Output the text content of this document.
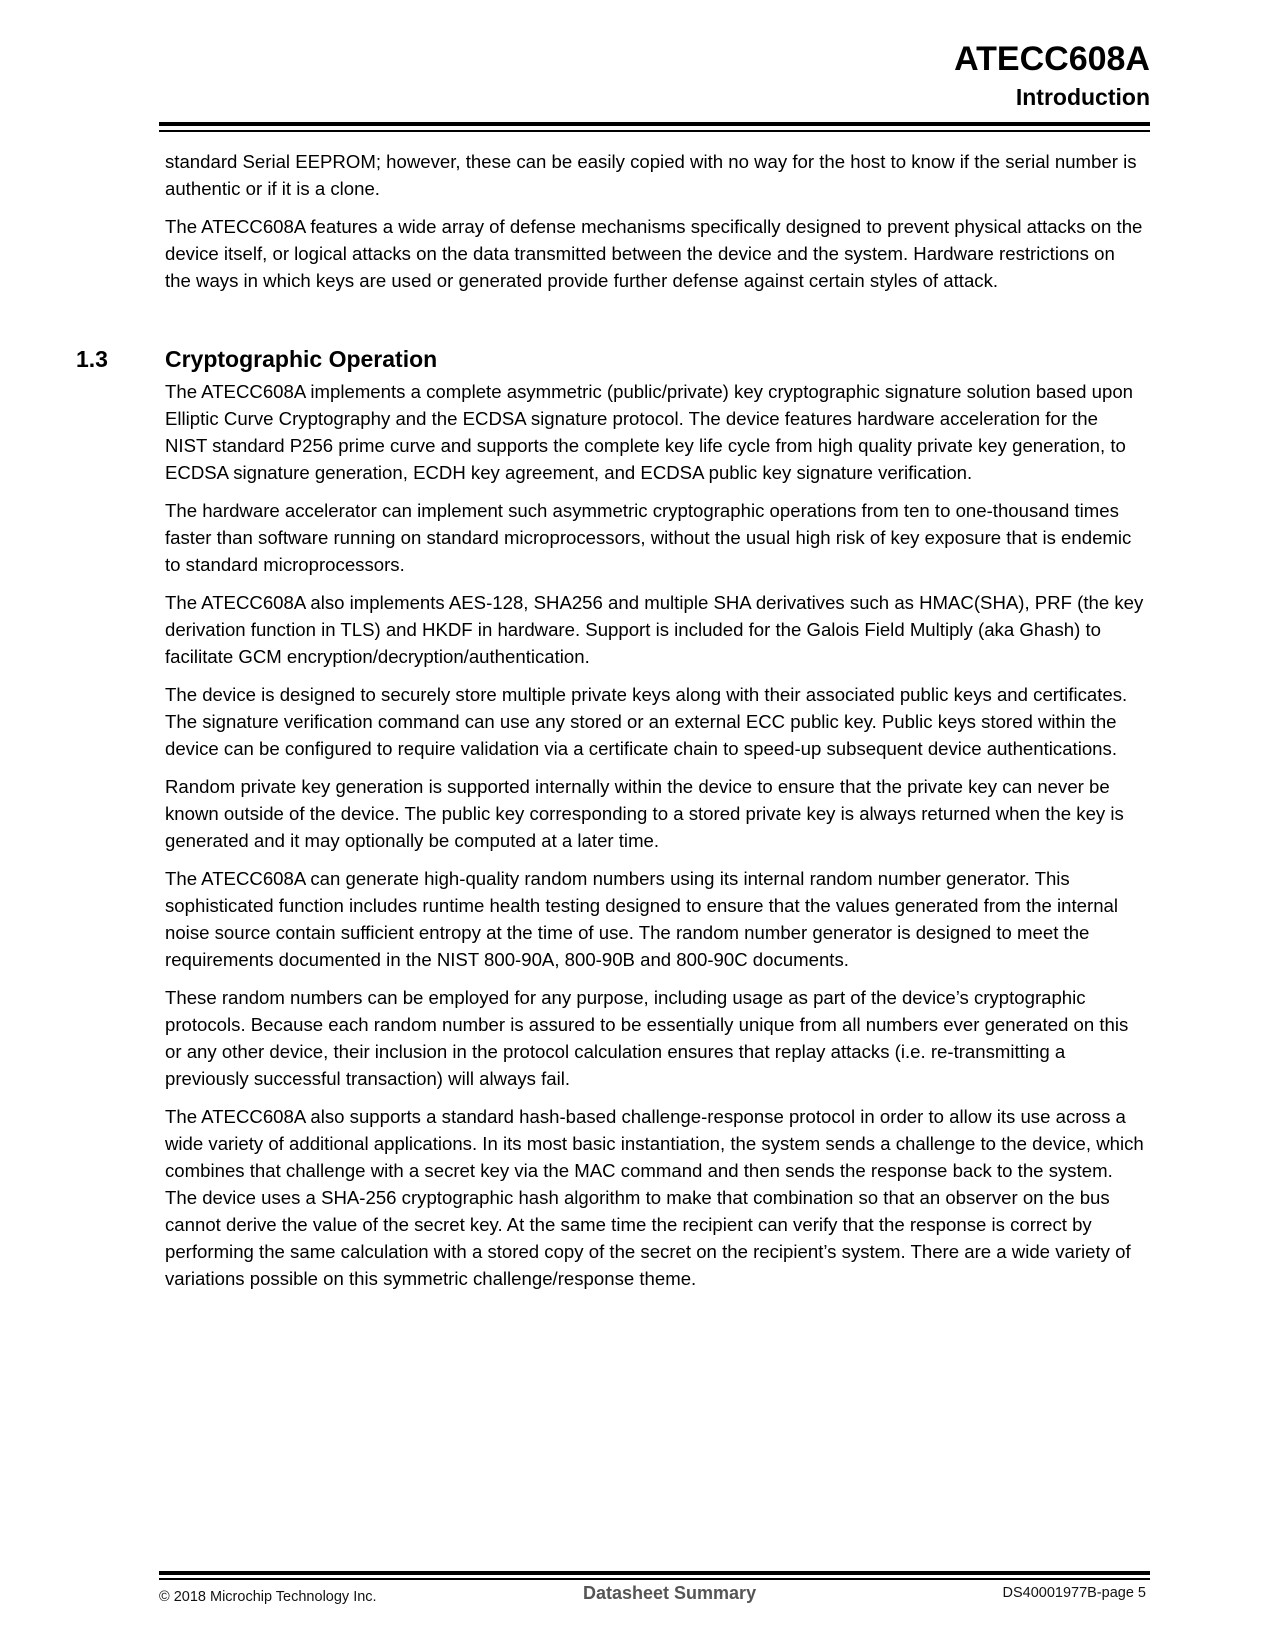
ATECC608A
Introduction

standard Serial EEPROM; however, these can be easily copied with no way for the host to know if the serial number is authentic or if it is a clone.

The ATECC608A features a wide array of defense mechanisms specifically designed to prevent physical attacks on the device itself, or logical attacks on the data transmitted between the device and the system. Hardware restrictions on the ways in which keys are used or generated provide further defense against certain styles of attack.

1.3 Cryptographic Operation

The ATECC608A implements a complete asymmetric (public/private) key cryptographic signature solution based upon Elliptic Curve Cryptography and the ECDSA signature protocol. The device features hardware acceleration for the NIST standard P256 prime curve and supports the complete key life cycle from high quality private key generation, to ECDSA signature generation, ECDH key agreement, and ECDSA public key signature verification.

The hardware accelerator can implement such asymmetric cryptographic operations from ten to one-thousand times faster than software running on standard microprocessors, without the usual high risk of key exposure that is endemic to standard microprocessors.

The ATECC608A also implements AES-128, SHA256 and multiple SHA derivatives such as HMAC(SHA), PRF (the key derivation function in TLS) and HKDF in hardware. Support is included for the Galois Field Multiply (aka Ghash) to facilitate GCM encryption/decryption/authentication.

The device is designed to securely store multiple private keys along with their associated public keys and certificates. The signature verification command can use any stored or an external ECC public key. Public keys stored within the device can be configured to require validation via a certificate chain to speed-up subsequent device authentications.

Random private key generation is supported internally within the device to ensure that the private key can never be known outside of the device. The public key corresponding to a stored private key is always returned when the key is generated and it may optionally be computed at a later time.

The ATECC608A can generate high-quality random numbers using its internal random number generator. This sophisticated function includes runtime health testing designed to ensure that the values generated from the internal noise source contain sufficient entropy at the time of use. The random number generator is designed to meet the requirements documented in the NIST 800-90A, 800-90B and 800-90C documents.

These random numbers can be employed for any purpose, including usage as part of the device’s cryptographic protocols. Because each random number is assured to be essentially unique from all numbers ever generated on this or any other device, their inclusion in the protocol calculation ensures that replay attacks (i.e. re-transmitting a previously successful transaction) will always fail.

The ATECC608A also supports a standard hash-based challenge-response protocol in order to allow its use across a wide variety of additional applications. In its most basic instantiation, the system sends a challenge to the device, which combines that challenge with a secret key via the MAC command and then sends the response back to the system. The device uses a SHA-256 cryptographic hash algorithm to make that combination so that an observer on the bus cannot derive the value of the secret key. At the same time the recipient can verify that the response is correct by performing the same calculation with a stored copy of the secret on the recipient’s system. There are a wide variety of variations possible on this symmetric challenge/response theme.

© 2018 Microchip Technology Inc.	Datasheet Summary	DS40001977B-page 5
